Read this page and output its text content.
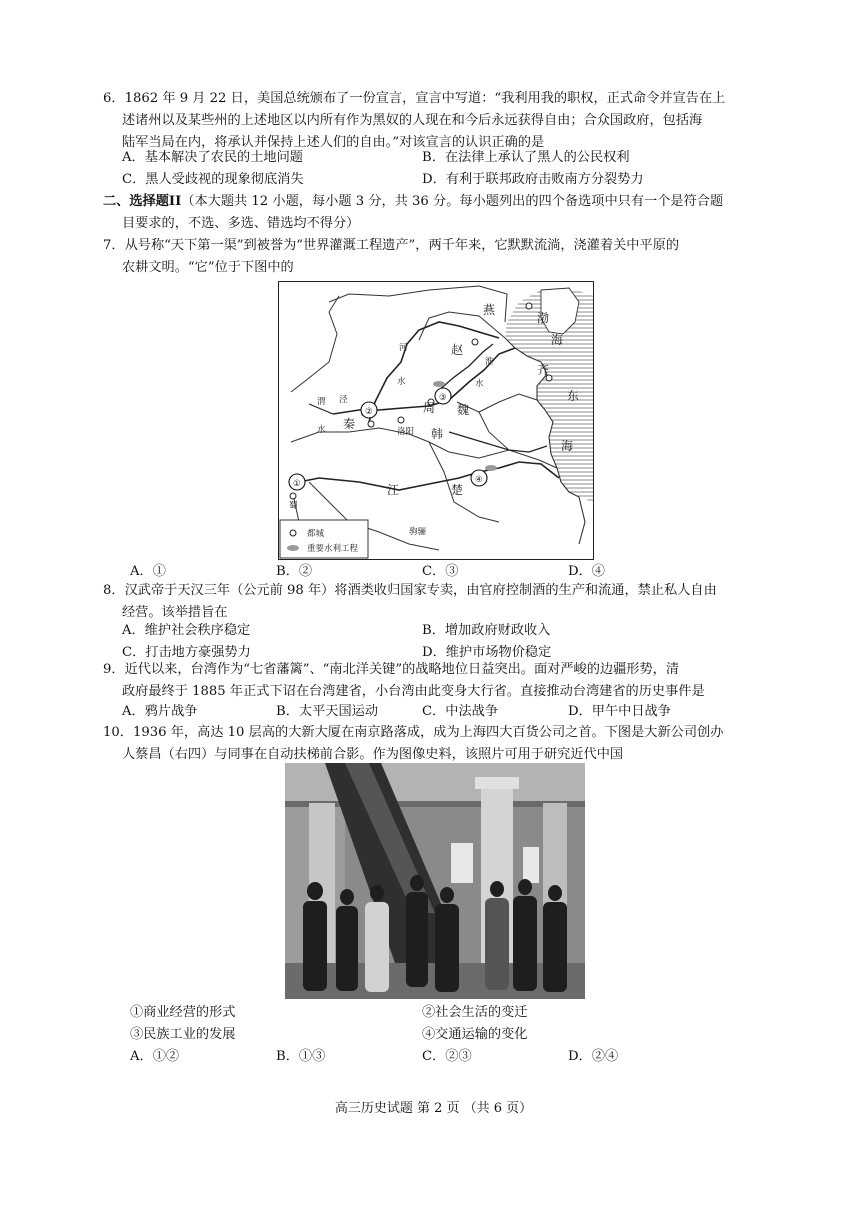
6．1862 年 9 月 22 日，美国总统颁布了一份宣言，宣言中写道：“我利用我的职权，正式命令并宣告在上
述诸州以及某些州的上述地区以内所有作为黑奴的人现在和今后永远获得自由；合众国政府，包括海
陆军当局在内，将承认并保持上述人们的自由。”对该宣言的认识正确的是
A．基本解决了农民的土地问题	B．在法律上承认了黑人的公民权利
C．黑人受歧视的现象彻底消失	D．有利于联邦政府击败南方分裂势力
二、选择题II（本大题共 12 小题，每小题 3 分，共 36 分。每小题列出的四个备选项中只有一个是符合题
目要求的，不选、多选、错选均不得分）
7．从号称“天下第一渠”到被誉为“世界灌溉工程遗产”，两千年来，它默默流淌，浇灌着关中平原的
农耕文明。“它”位于下图中的
燕
赵
齐
魏
周
韩
秦
楚
蜀
渤
海
东
海
洛阳
河
水
淮
水
渭
水
江
泾
①
②
③
④
驹骊
都城
重要水利工程
A．①	B．②	C．③	D．④
8．汉武帝于天汉三年（公元前 98 年）将酒类收归国家专卖，由官府控制酒的生产和流通，禁止私人自由
经营。该举措旨在
A．维护社会秩序稳定	B．增加政府财政收入
C．打击地方豪强势力	D．维护市场物价稳定
9．近代以来，台湾作为“七省藩篱”、“南北洋关键”的战略地位日益突出。面对严峻的边疆形势，清
政府最终于 1885 年正式下诏在台湾建省，小台湾由此变身大行省。直接推动台湾建省的历史事件是
A．鸦片战争	B．太平天国运动	C．中法战争	D．甲午中日战争
10．1936 年，高达 10 层高的大新大厦在南京路落成，成为上海四大百货公司之首。下图是大新公司创办
人蔡昌（右四）与同事在自动扶梯前合影。作为图像史料，该照片可用于研究近代中国
①商业经营的形式	②社会生活的变迁
③民族工业的发展	④交通运输的变化
A．①②	B．①③	C．②③	D．②④
高三历史试题 第 2 页 （共 6 页）
